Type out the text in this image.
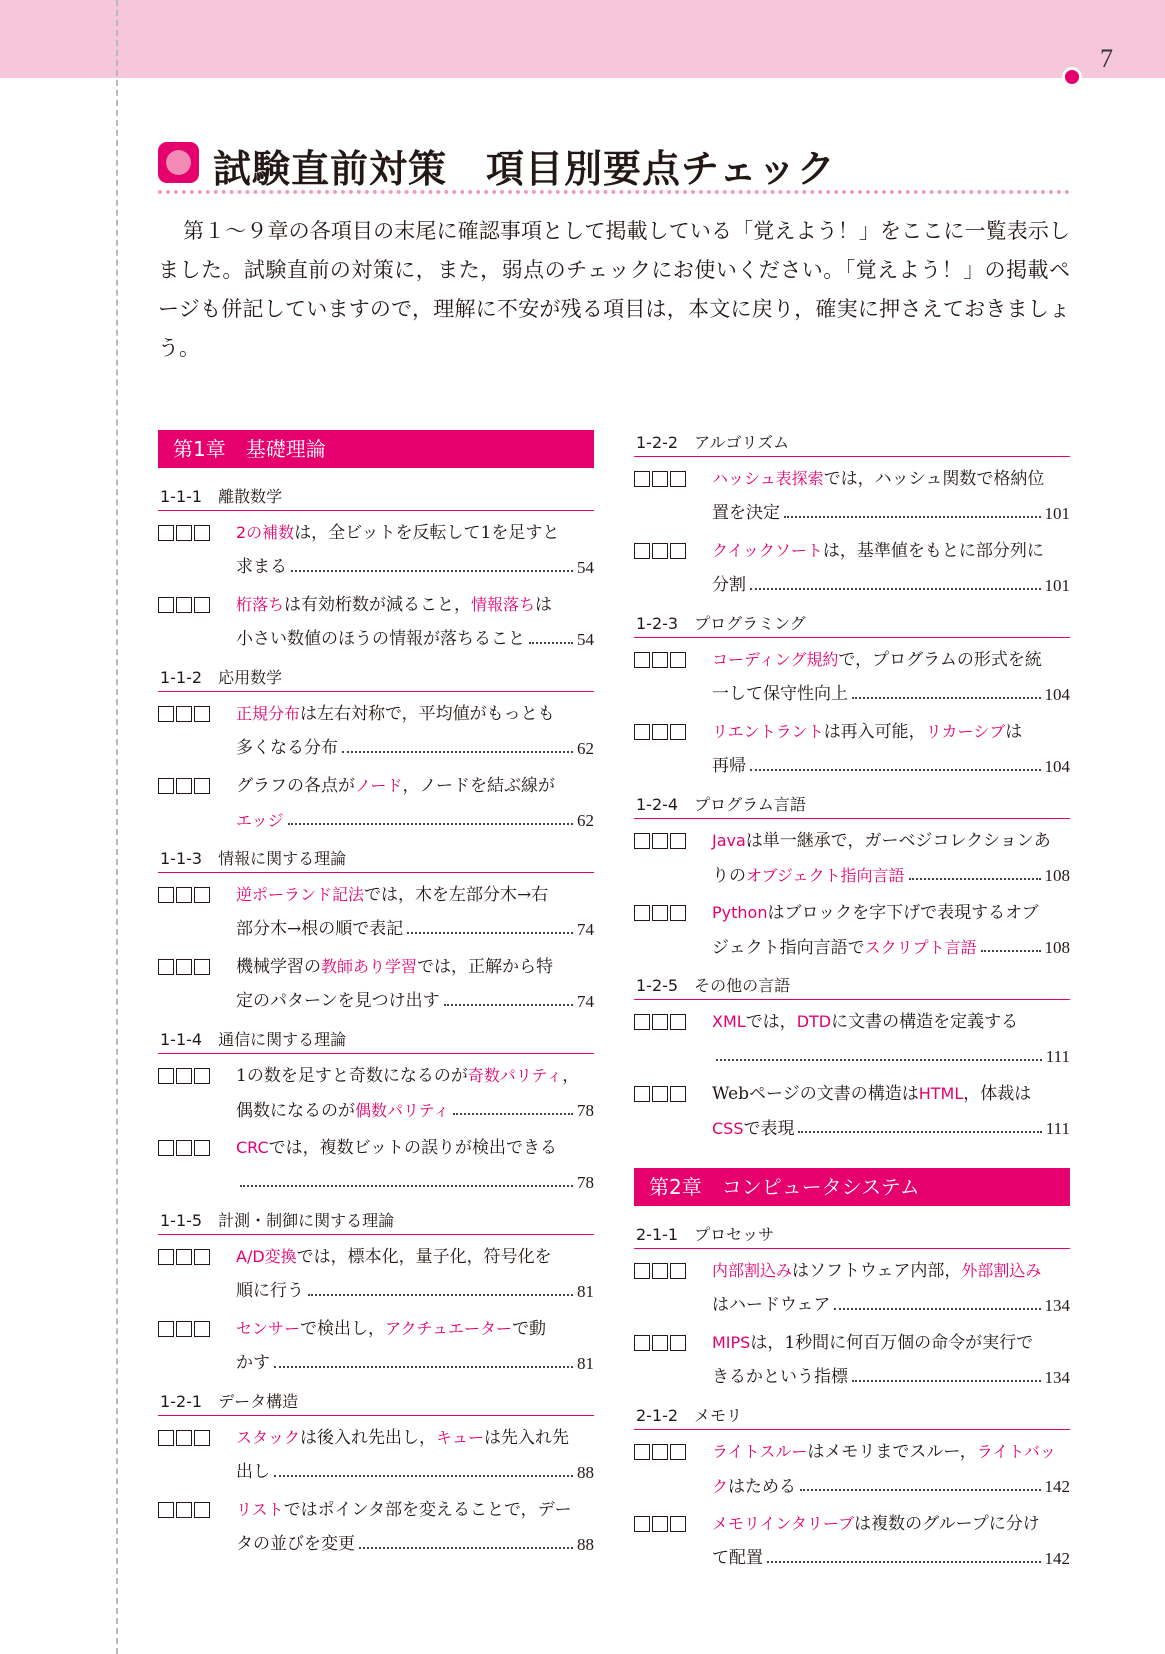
7
試験直前対策　項目別要点チェック

第１～９章の各項目の末尾に確認事項として掲載している「覚えよう！」をここに一覧表示しました。試験直前の対策に，また，弱点のチェックにお使いください。「覚えよう！」の掲載ページも併記していますので，理解に不安が残る項目は，本文に戻り，確実に押さえておきましょう。

第1章　基礎理論
1-1-1　離散数学
2の補数は，全ビットを反転して1を足すと
求まる	54
桁落ちは有効桁数が減ること，情報落ちは
小さい数値のほうの情報が落ちること	54
1-1-2　応用数学
正規分布は左右対称で，平均値がもっとも
多くなる分布	62
グラフの各点がノード，ノードを結ぶ線が
エッジ	62
1-1-3　情報に関する理論
逆ポーランド記法では，木を左部分木→右
部分木→根の順で表記	74
機械学習の教師あり学習では，正解から特
定のパターンを見つけ出す	74
1-1-4　通信に関する理論
1の数を足すと奇数になるのが奇数パリティ，
偶数になるのが偶数パリティ	78
CRCでは，複数ビットの誤りが検出できる
78
1-1-5　計測・制御に関する理論
A/D変換では，標本化，量子化，符号化を
順に行う	81
センサーで検出し，アクチュエーターで動
かす	81
1-2-1　データ構造
スタックは後入れ先出し，キューは先入れ先
出し	88
リストではポインタ部を変えることで，デー
タの並びを変更	88
1-2-2　アルゴリズム
ハッシュ表探索では，ハッシュ関数で格納位
置を決定	101
クイックソートは，基準値をもとに部分列に
分割	101
1-2-3　プログラミング
コーディング規約で，プログラムの形式を統
一して保守性向上	104
リエントラントは再入可能，リカーシブは
再帰	104
1-2-4　プログラム言語
Javaは単一継承で，ガーベジコレクションあ
りのオブジェクト指向言語	108
Pythonはブロックを字下げで表現するオブ
ジェクト指向言語でスクリプト言語	108
1-2-5　その他の言語
XMLでは，DTDに文書の構造を定義する
111
Webページの文書の構造はHTML，体裁は
CSSで表現	111
第2章　コンピュータシステム
2-1-1　プロセッサ
内部割込みはソフトウェア内部，外部割込み
はハードウェア	134
MIPSは，1秒間に何百万個の命令が実行で
きるかという指標	134
2-1-2　メモリ
ライトスルーはメモリまでスルー，ライトバッ
クはためる	142
メモリインタリーブは複数のグループに分け
て配置	142
